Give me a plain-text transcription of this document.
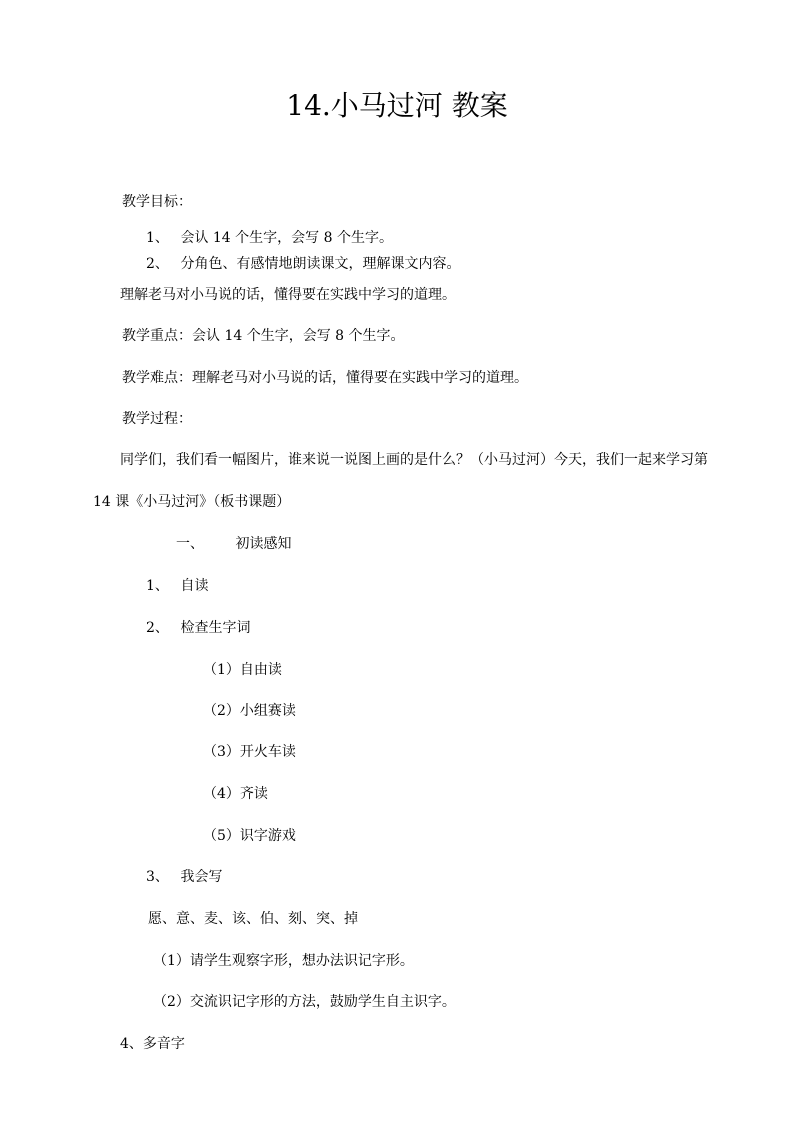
14.小马过河 教案
教学目标：
1、 会认 14 个生字，会写 8 个生字。
2、 分角色、有感情地朗读课文，理解课文内容。
理解老马对小马说的话，懂得要在实践中学习的道理。
教学重点：会认 14 个生字，会写 8 个生字。
教学难点：理解老马对小马说的话，懂得要在实践中学习的道理。
教学过程：
同学们，我们看一幅图片，谁来说一说图上画的是什么？（小马过河）今天，我们一起来学习第
14 课《小马过河》（板书课题）
一、 初读感知
1、 自读
2、 检查生字词
（1）自由读
（2）小组赛读
（3）开火车读
（4）齐读
（5）识字游戏
3、 我会写
愿、意、麦、该、伯、刻、突、掉
（1）请学生观察字形，想办法识记字形。
（2）交流识记字形的方法，鼓励学生自主识字。
4、多音字
